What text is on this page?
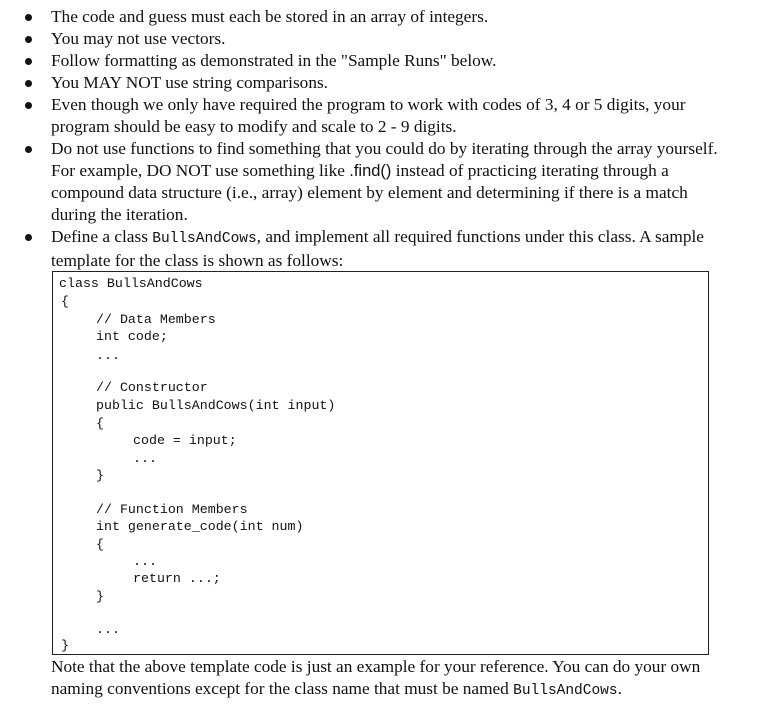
The code and guess must each be stored in an array of integers.
You may not use vectors.
Follow formatting as demonstrated in the "Sample Runs" below.
You MAY NOT use string comparisons.
Even though we only have required the program to work with codes of 3, 4 or 5 digits, your program should be easy to modify and scale to 2 - 9 digits.
Do not use functions to find something that you could do by iterating through the array yourself. For example, DO NOT use something like .find() instead of practicing iterating through a compound data structure (i.e., array) element by element and determining if there is a match during the iteration.
Define a class BullsAndCows, and implement all required functions under this class. A sample template for the class is shown as follows:
class BullsAndCows
{
// Data Members
int code;
...
// Constructor
public BullsAndCows(int input)
{
code = input;
...
}
// Function Members
int generate_code(int num)
{
...
return ...;
}
...
}
Note that the above template code is just an example for your reference. You can do your own naming conventions except for the class name that must be named BullsAndCows.
